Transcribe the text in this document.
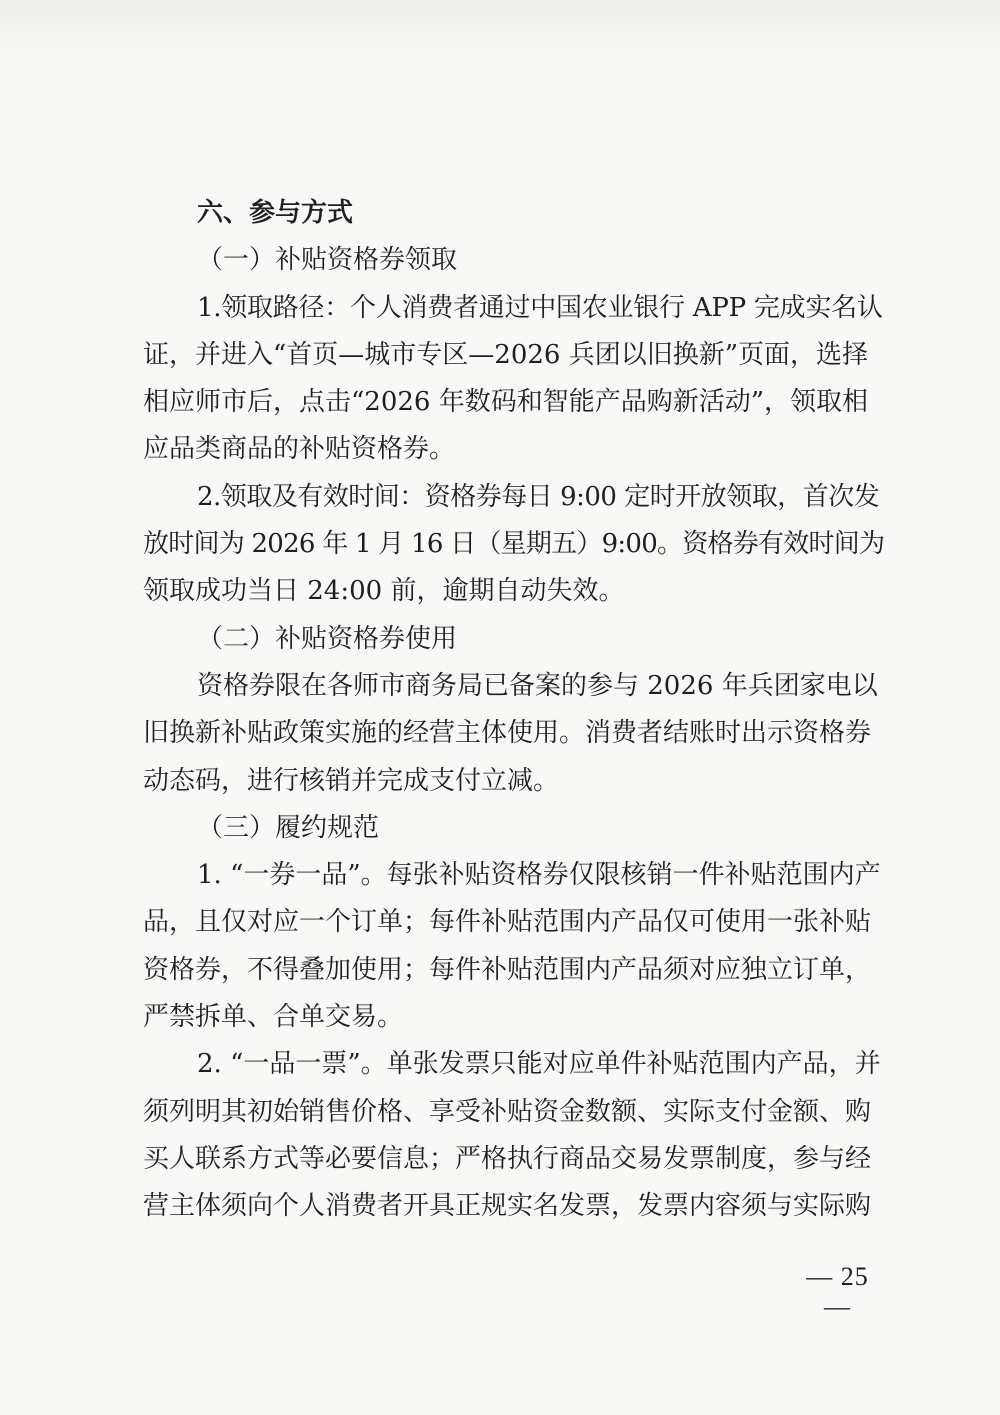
六、参与方式
（一）补贴资格券领取
1.领取路径：个人消费者通过中国农业银行 APP 完成实名认
证，并进入“首页—城市专区—2026 兵团以旧换新”页面，选择
相应师市后，点击“2026 年数码和智能产品购新活动”，领取相
应品类商品的补贴资格券。
2.领取及有效时间：资格券每日 9:00 定时开放领取，首次发
放时间为 2026 年 1 月 16 日（星期五）9:00。资格券有效时间为
领取成功当日 24:00 前，逾期自动失效。
（二）补贴资格券使用
资格券限在各师市商务局已备案的参与 2026 年兵团家电以
旧换新补贴政策实施的经营主体使用。消费者结账时出示资格券
动态码，进行核销并完成支付立减。
（三）履约规范
1. “一券一品”。每张补贴资格券仅限核销一件补贴范围内产
品，且仅对应一个订单；每件补贴范围内产品仅可使用一张补贴
资格券，不得叠加使用；每件补贴范围内产品须对应独立订单，
严禁拆单、合单交易。
2. “一品一票”。单张发票只能对应单件补贴范围内产品，并
须列明其初始销售价格、享受补贴资金数额、实际支付金额、购
买人联系方式等必要信息；严格执行商品交易发票制度，参与经
营主体须向个人消费者开具正规实名发票，发票内容须与实际购
— 25 —
